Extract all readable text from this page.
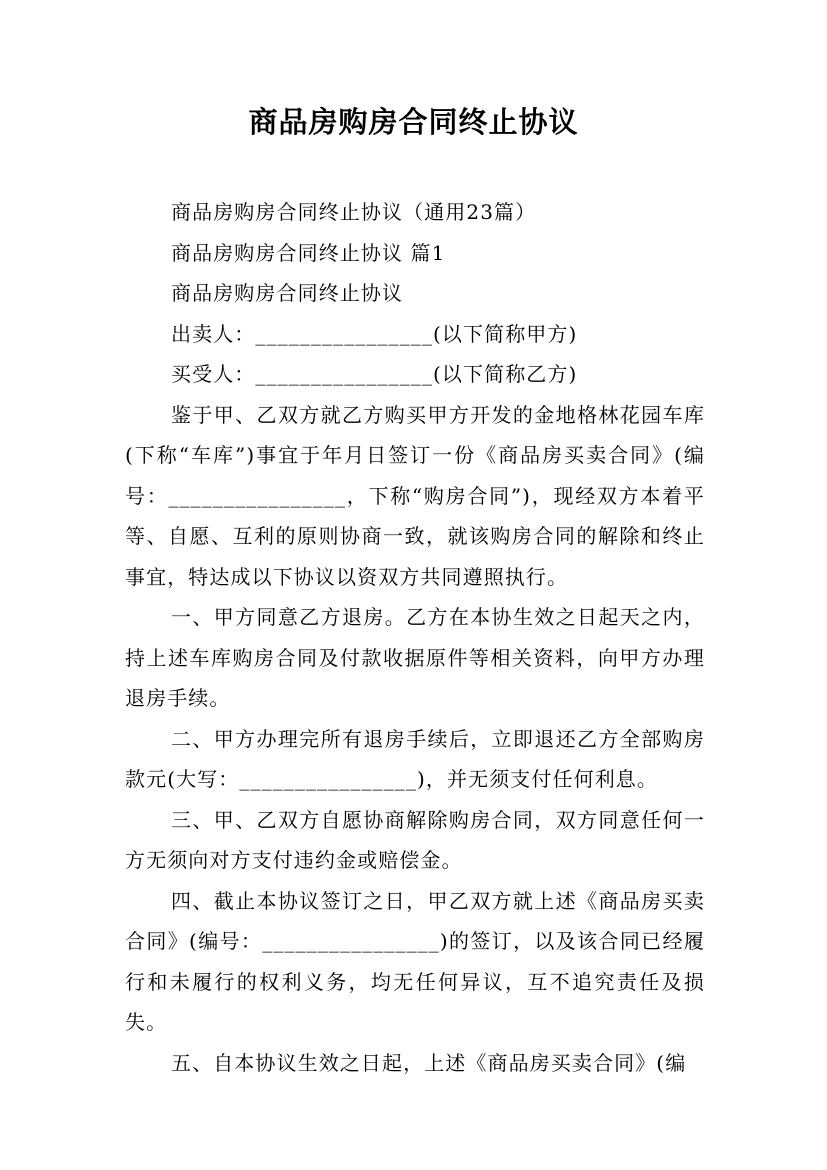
商品房购房合同终止协议

商品房购房合同终止协议（通用23篇）

商品房购房合同终止协议 篇1

商品房购房合同终止协议

出卖人：________________(以下简称甲方)

买受人：________________(以下简称乙方)

鉴于甲、乙双方就乙方购买甲方开发的金地格林花园车库(下称“车库”)事宜于年月日签订一份《商品房买卖合同》(编号：________________，下称“购房合同”)，现经双方本着平等、自愿、互利的原则协商一致，就该购房合同的解除和终止事宜，特达成以下协议以资双方共同遵照执行。

一、甲方同意乙方退房。乙方在本协生效之日起天之内，持上述车库购房合同及付款收据原件等相关资料，向甲方办理退房手续。

二、甲方办理完所有退房手续后，立即退还乙方全部购房款元(大写：________________)，并无须支付任何利息。

三、甲、乙双方自愿协商解除购房合同，双方同意任何一方无须向对方支付违约金或赔偿金。

四、截止本协议签订之日，甲乙双方就上述《商品房买卖合同》(编号：________________)的签订，以及该合同已经履行和未履行的权利义务，均无任何异议，互不追究责任及损失。

五、自本协议生效之日起，上述《商品房买卖合同》(编
